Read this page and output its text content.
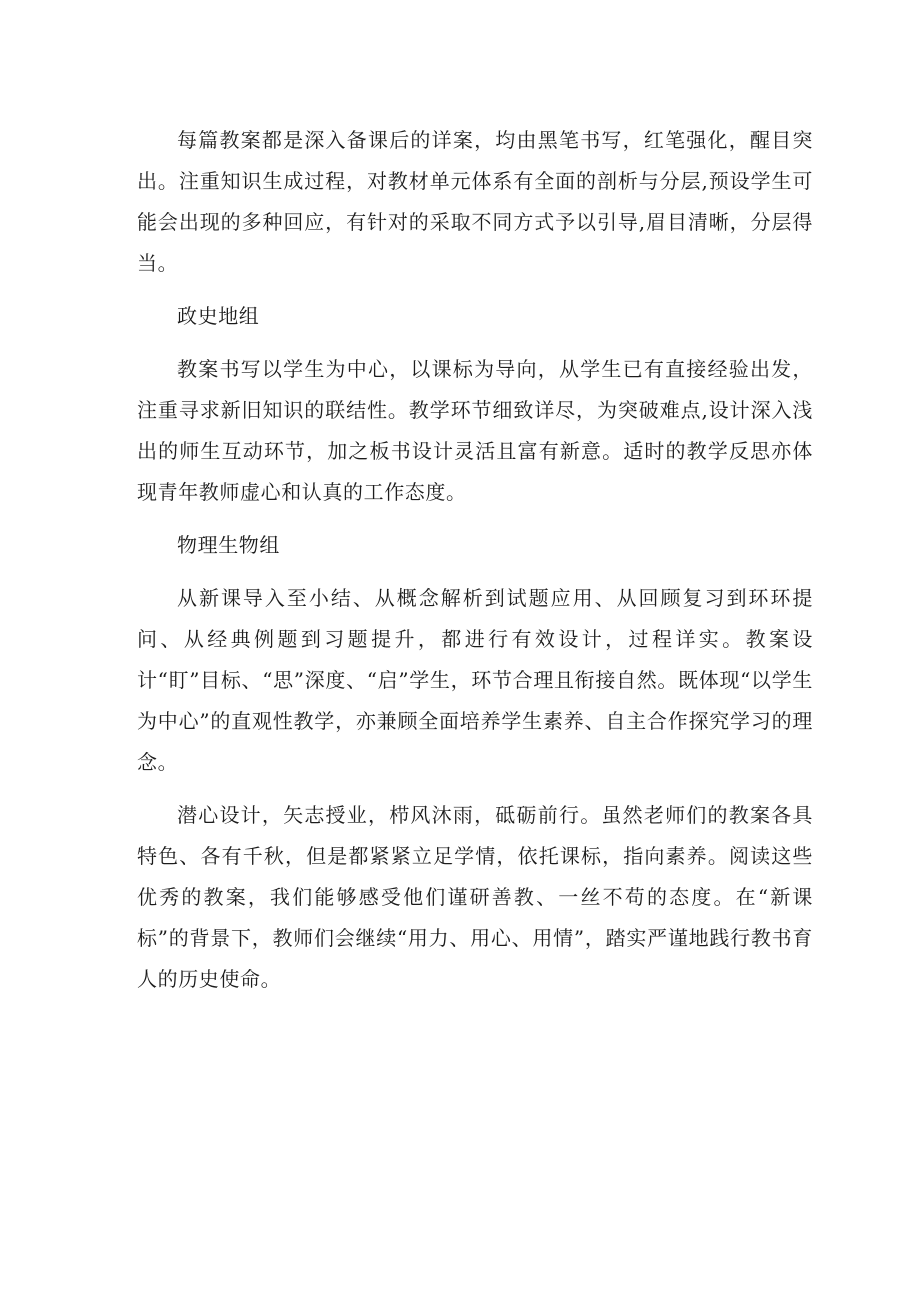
每篇教案都是深入备课后的详案，均由黑笔书写，红笔强化，醒目突出。注重知识生成过程，对教材单元体系有全面的剖析与分层,预设学生可能会出现的多种回应，有针对的采取不同方式予以引导,眉目清晰，分层得当。

政史地组

教案书写以学生为中心，以课标为导向，从学生已有直接经验出发，注重寻求新旧知识的联结性。教学环节细致详尽，为突破难点,设计深入浅出的师生互动环节，加之板书设计灵活且富有新意。适时的教学反思亦体现青年教师虚心和认真的工作态度。

物理生物组

从新课导入至小结、从概念解析到试题应用、从回顾复习到环环提问、从经典例题到习题提升，都进行有效设计，过程详实。教案设计“盯”目标、“思”深度、“启”学生，环节合理且衔接自然。既体现“以学生为中心”的直观性教学，亦兼顾全面培养学生素养、自主合作探究学习的理念。

潜心设计，矢志授业，栉风沐雨，砥砺前行。虽然老师们的教案各具特色、各有千秋，但是都紧紧立足学情，依托课标，指向素养。阅读这些优秀的教案，我们能够感受他们谨研善教、一丝不苟的态度。在“新课标”的背景下，教师们会继续“用力、用心、用情”，踏实严谨地践行教书育人的历史使命。
